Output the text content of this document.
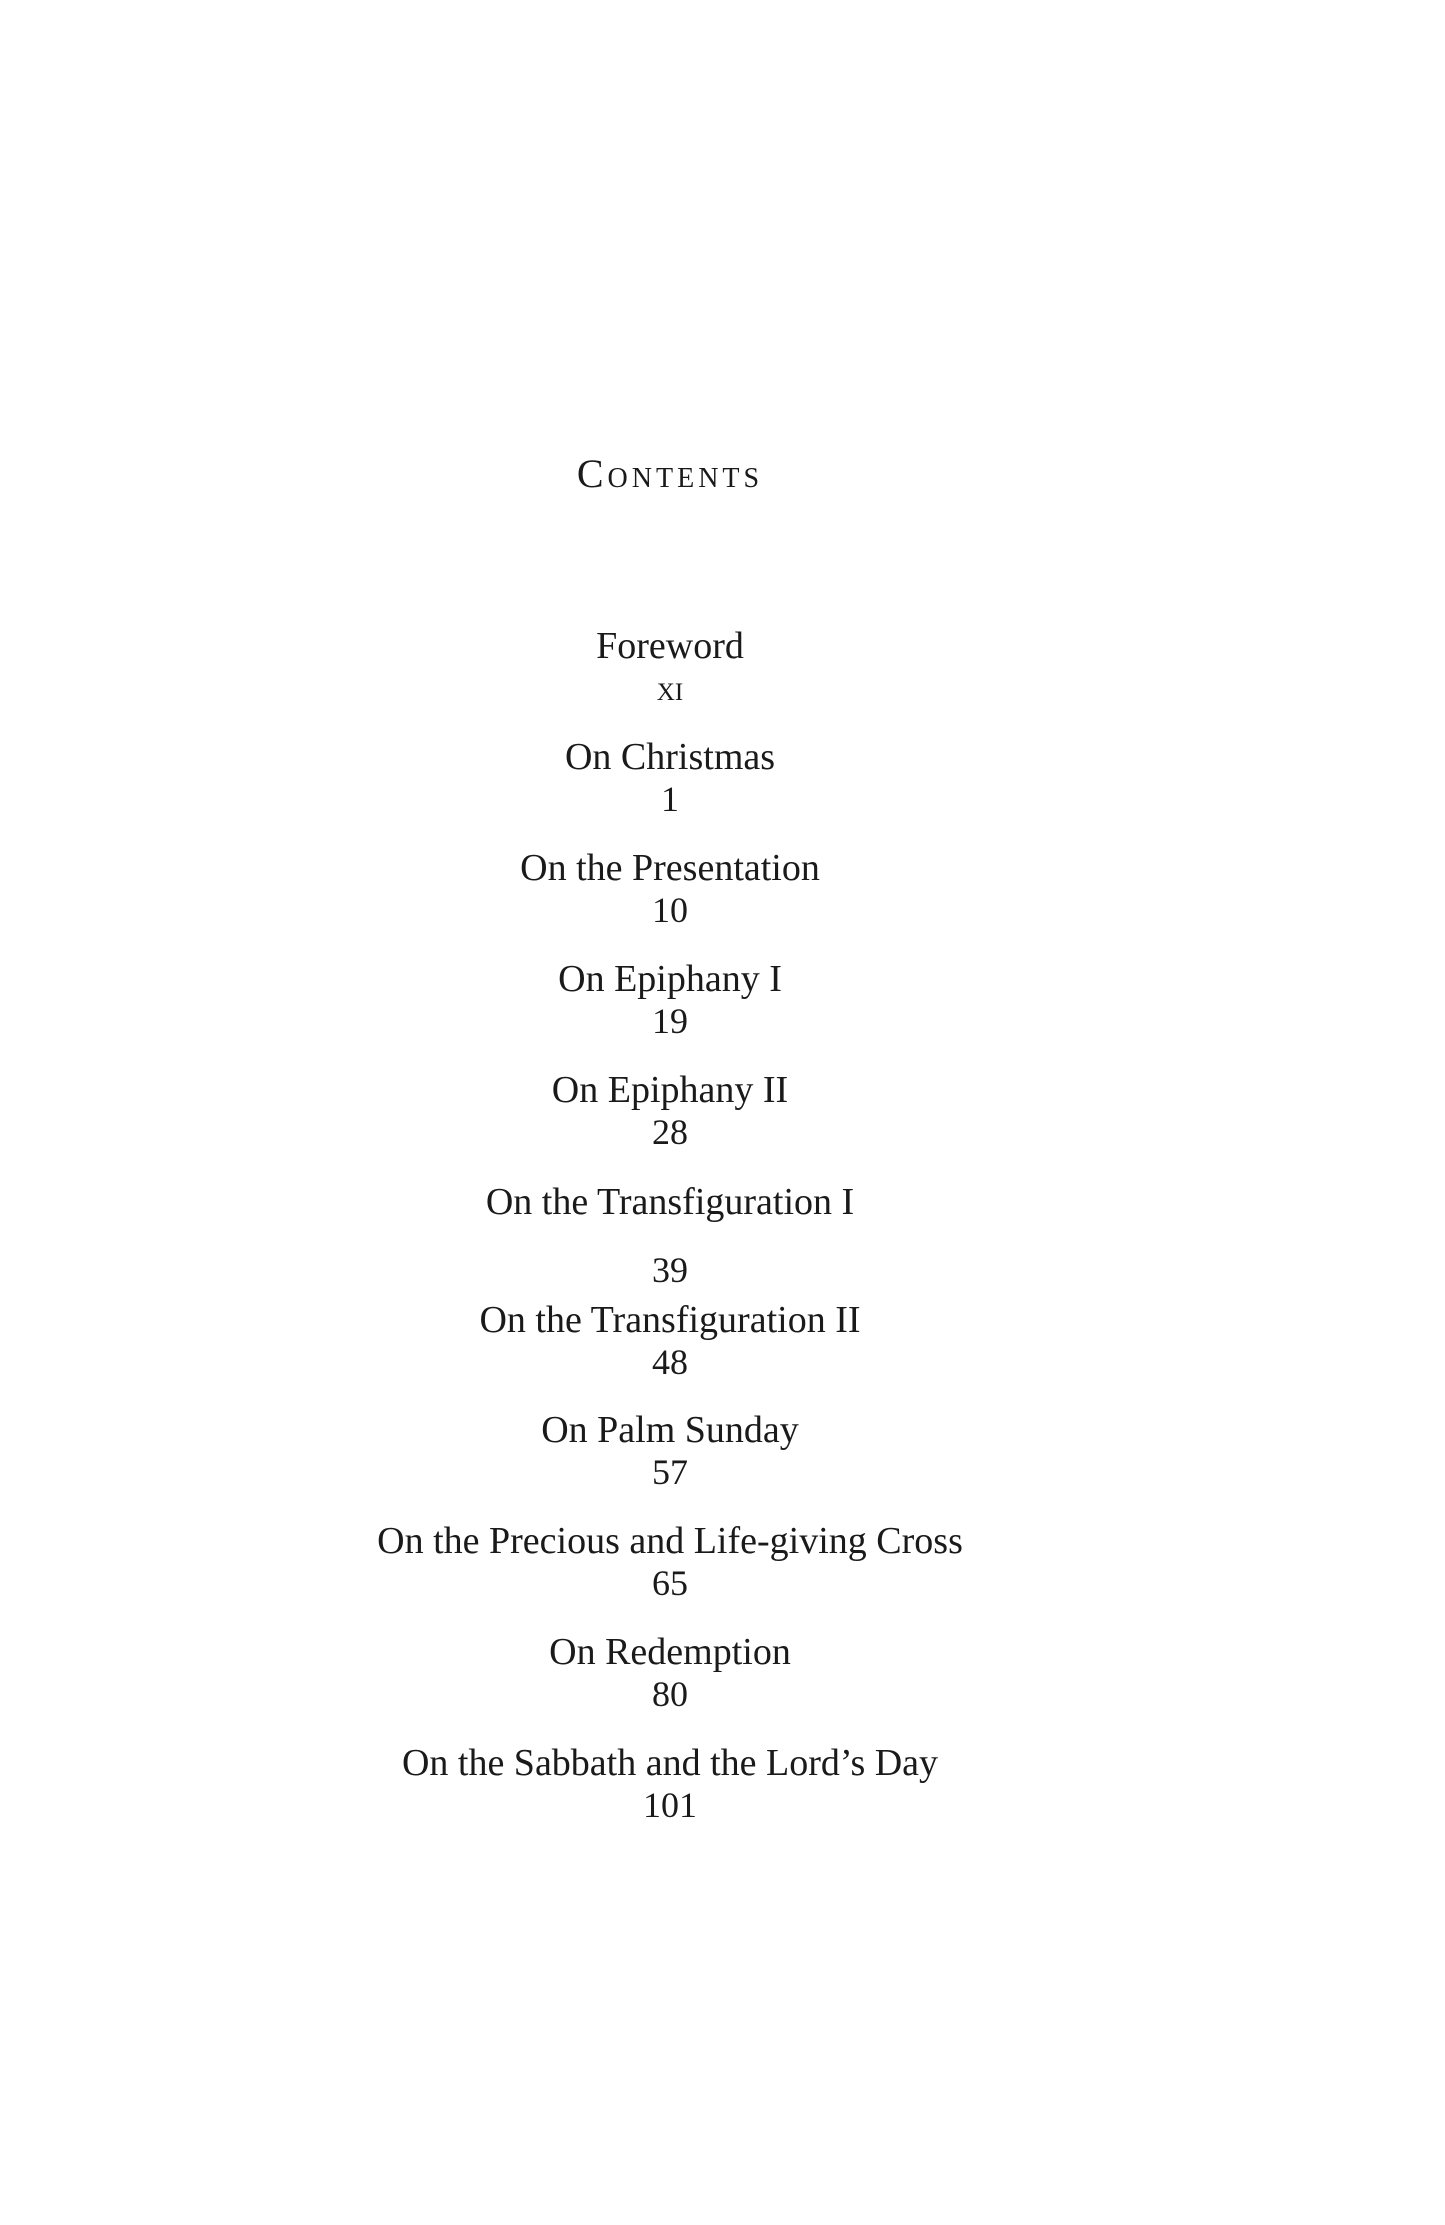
Contents
Foreword
xi
On Christmas
1
On the Presentation
10
On Epiphany I
19
On Epiphany II
28
On the Transfiguration I
39
On the Transfiguration II
48
On Palm Sunday
57
On the Precious and Life-giving Cross
65
On Redemption
80
On the Sabbath and the Lord’s Day
101
